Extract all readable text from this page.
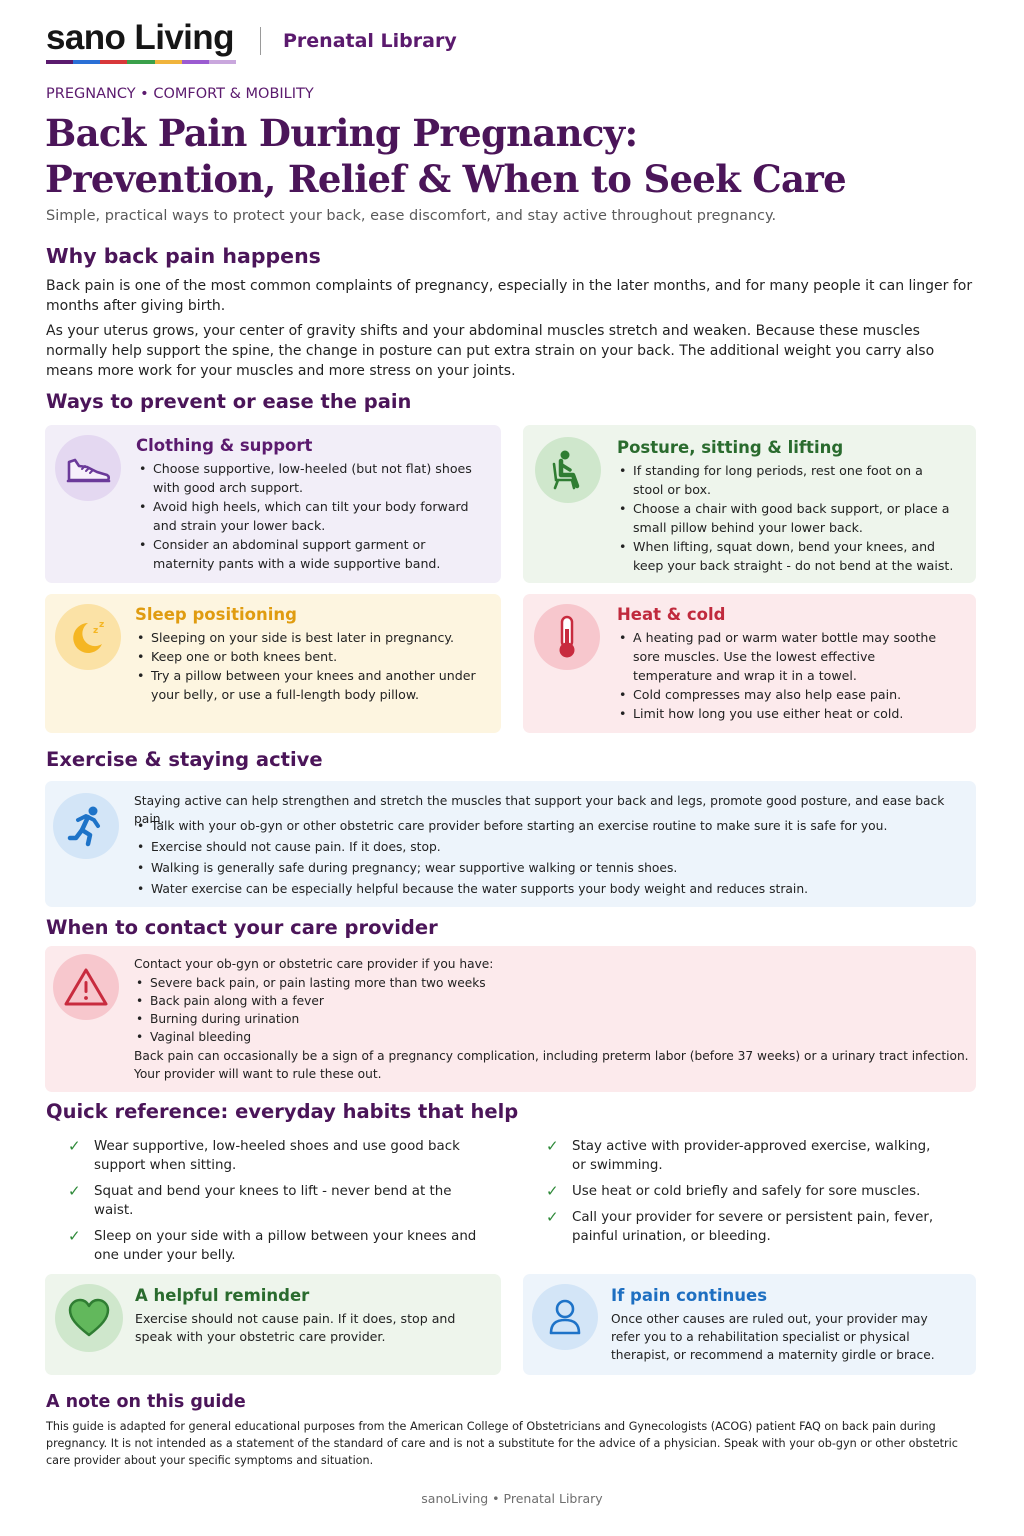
sano Living	Prenatal Library
PREGNANCY • COMFORT & MOBILITY
Back Pain During Pregnancy:
Prevention, Relief & When to Seek Care
Simple, practical ways to protect your back, ease discomfort, and stay active throughout pregnancy.
Why back pain happens
Back pain is one of the most common complaints of pregnancy, especially in the later months, and for many people it can linger for months after giving birth.
As your uterus grows, your center of gravity shifts and your abdominal muscles stretch and weaken. Because these muscles normally help support the spine, the change in posture can put extra strain on your back. The additional weight you carry also means more work for your muscles and more stress on your joints.
Ways to prevent or ease the pain
Clothing & support
• Choose supportive, low-heeled (but not flat) shoes with good arch support.
• Avoid high heels, which can tilt your body forward and strain your lower back.
• Consider an abdominal support garment or maternity pants with a wide supportive band.
Posture, sitting & lifting
• If standing for long periods, rest one foot on a stool or box.
• Choose a chair with good back support, or place a small pillow behind your lower back.
• When lifting, squat down, bend your knees, and keep your back straight - do not bend at the waist.
z
z
Sleep positioning
• Sleeping on your side is best later in pregnancy.
• Keep one or both knees bent.
• Try a pillow between your knees and another under your belly, or use a full-length body pillow.
Heat & cold
• A heating pad or warm water bottle may soothe sore muscles. Use the lowest effective temperature and wrap it in a towel.
• Cold compresses may also help ease pain.
• Limit how long you use either heat or cold.
Exercise & staying active
Staying active can help strengthen and stretch the muscles that support your back and legs, promote good posture, and ease back pain.
• Talk with your ob-gyn or other obstetric care provider before starting an exercise routine to make sure it is safe for you.
• Exercise should not cause pain. If it does, stop.
• Walking is generally safe during pregnancy; wear supportive walking or tennis shoes.
• Water exercise can be especially helpful because the water supports your body weight and reduces strain.
When to contact your care provider
Contact your ob-gyn or obstetric care provider if you have:
• Severe back pain, or pain lasting more than two weeks
• Back pain along with a fever
• Burning during urination
• Vaginal bleeding
Back pain can occasionally be a sign of a pregnancy complication, including preterm labor (before 37 weeks) or a urinary tract infection.
Your provider will want to rule these out.
Quick reference: everyday habits that help
✓ Wear supportive, low-heeled shoes and use good back support when sitting.
✓ Squat and bend your knees to lift - never bend at the waist.
✓ Sleep on your side with a pillow between your knees and one under your belly.
✓ Stay active with provider-approved exercise, walking, or swimming.
✓ Use heat or cold briefly and safely for sore muscles.
✓ Call your provider for severe or persistent pain, fever, painful urination, or bleeding.
A helpful reminder
Exercise should not cause pain. If it does, stop and speak with your obstetric care provider.
If pain continues
Once other causes are ruled out, your provider may refer you to a rehabilitation specialist or physical therapist, or recommend a maternity girdle or brace.
A note on this guide
This guide is adapted for general educational purposes from the American College of Obstetricians and Gynecologists (ACOG) patient FAQ on back pain during pregnancy. It is not intended as a statement of the standard of care and is not a substitute for the advice of a physician. Speak with your ob-gyn or other obstetric care provider about your specific symptoms and situation.
sanoLiving • Prenatal Library
